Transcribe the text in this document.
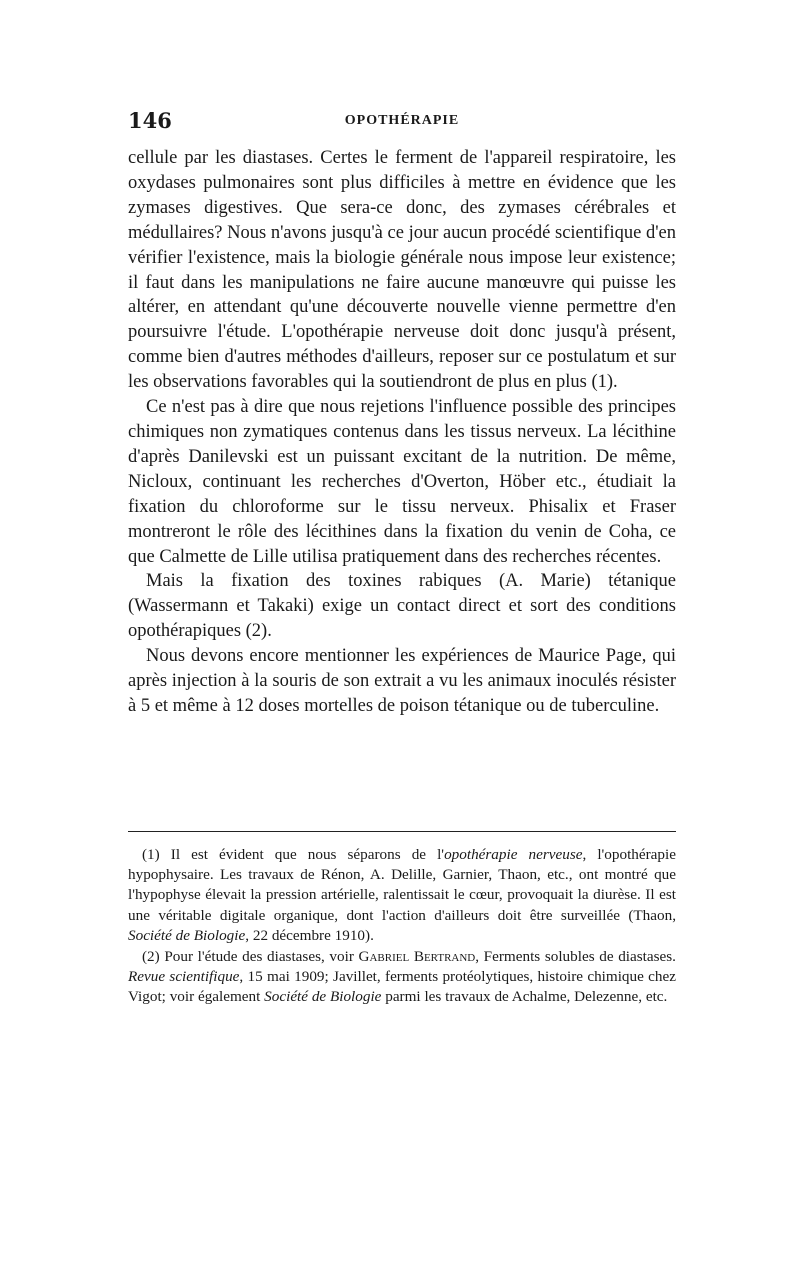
146	OPOTHÉRAPIE

cellule par les diastases. Certes le ferment de l'appareil respiratoire, les oxydases pulmonaires sont plus difficiles à mettre en évidence que les zymases digestives. Que sera-ce donc, des zymases cérébrales et médullaires? Nous n'avons jusqu'à ce jour aucun procédé scientifique d'en vérifier l'existence, mais la biologie générale nous impose leur existence; il faut dans les manipulations ne faire aucune manœuvre qui puisse les altérer, en attendant qu'une découverte nouvelle vienne permettre d'en poursuivre l'étude. L'opothérapie nerveuse doit donc jusqu'à présent, comme bien d'autres méthodes d'ailleurs, reposer sur ce postulatum et sur les observations favorables qui la soutiendront de plus en plus (1).

Ce n'est pas à dire que nous rejetions l'influence possible des principes chimiques non zymatiques contenus dans les tissus nerveux. La lécithine d'après Danilevski est un puissant excitant de la nutrition. De même, Nicloux, continuant les recherches d'Overton, Höber etc., étudiait la fixation du chloroforme sur le tissu nerveux. Phisalix et Fraser montreront le rôle des lécithines dans la fixation du venin de Coha, ce que Calmette de Lille utilisa pratiquement dans des recherches récentes.

Mais la fixation des toxines rabiques (A. Marie) tétanique (Wassermann et Takaki) exige un contact direct et sort des conditions opothérapiques (2).

Nous devons encore mentionner les expériences de Maurice Page, qui après injection à la souris de son extrait a vu les animaux inoculés résister à 5 et même à 12 doses mortelles de poison tétanique ou de tuberculine.

(1) Il est évident que nous séparons de l'opothérapie nerveuse, l'opothérapie hypophysaire. Les travaux de Rénon, A. Delille, Garnier, Thaon, etc., ont montré que l'hypophyse élevait la pression artérielle, ralentissait le cœur, provoquait la diurèse. Il est une véritable digitale organique, dont l'action d'ailleurs doit être surveillée (Thaon, Société de Biologie, 22 décembre 1910).

(2) Pour l'étude des diastases, voir Gabriel Bertrand, Ferments solubles de diastases. Revue scientifique, 15 mai 1909; Javillet, ferments protéolytiques, histoire chimique chez Vigot; voir également Société de Biologie parmi les travaux de Achalme, Delezenne, etc.
